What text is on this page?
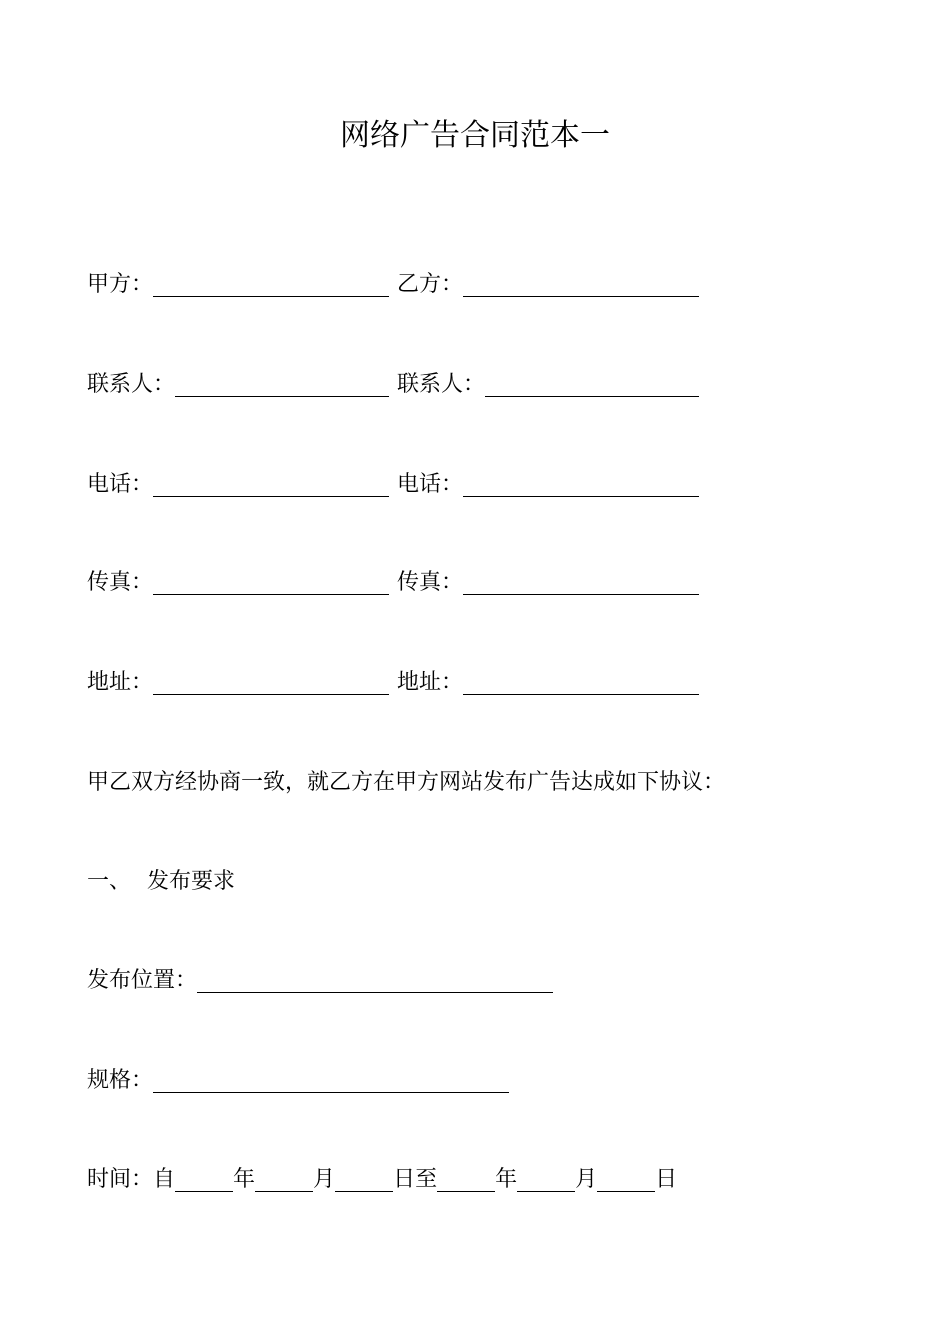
网络广告合同范本一
甲方：	乙方：
联系人：	联系人：
电话：	电话：
传真：	传真：
地址：	地址：
甲乙双方经协商一致，就乙方在甲方网站发布广告达成如下协议：
一、 发布要求
发布位置：
规格：
时间： 自	年	月	日至	年	月	日
